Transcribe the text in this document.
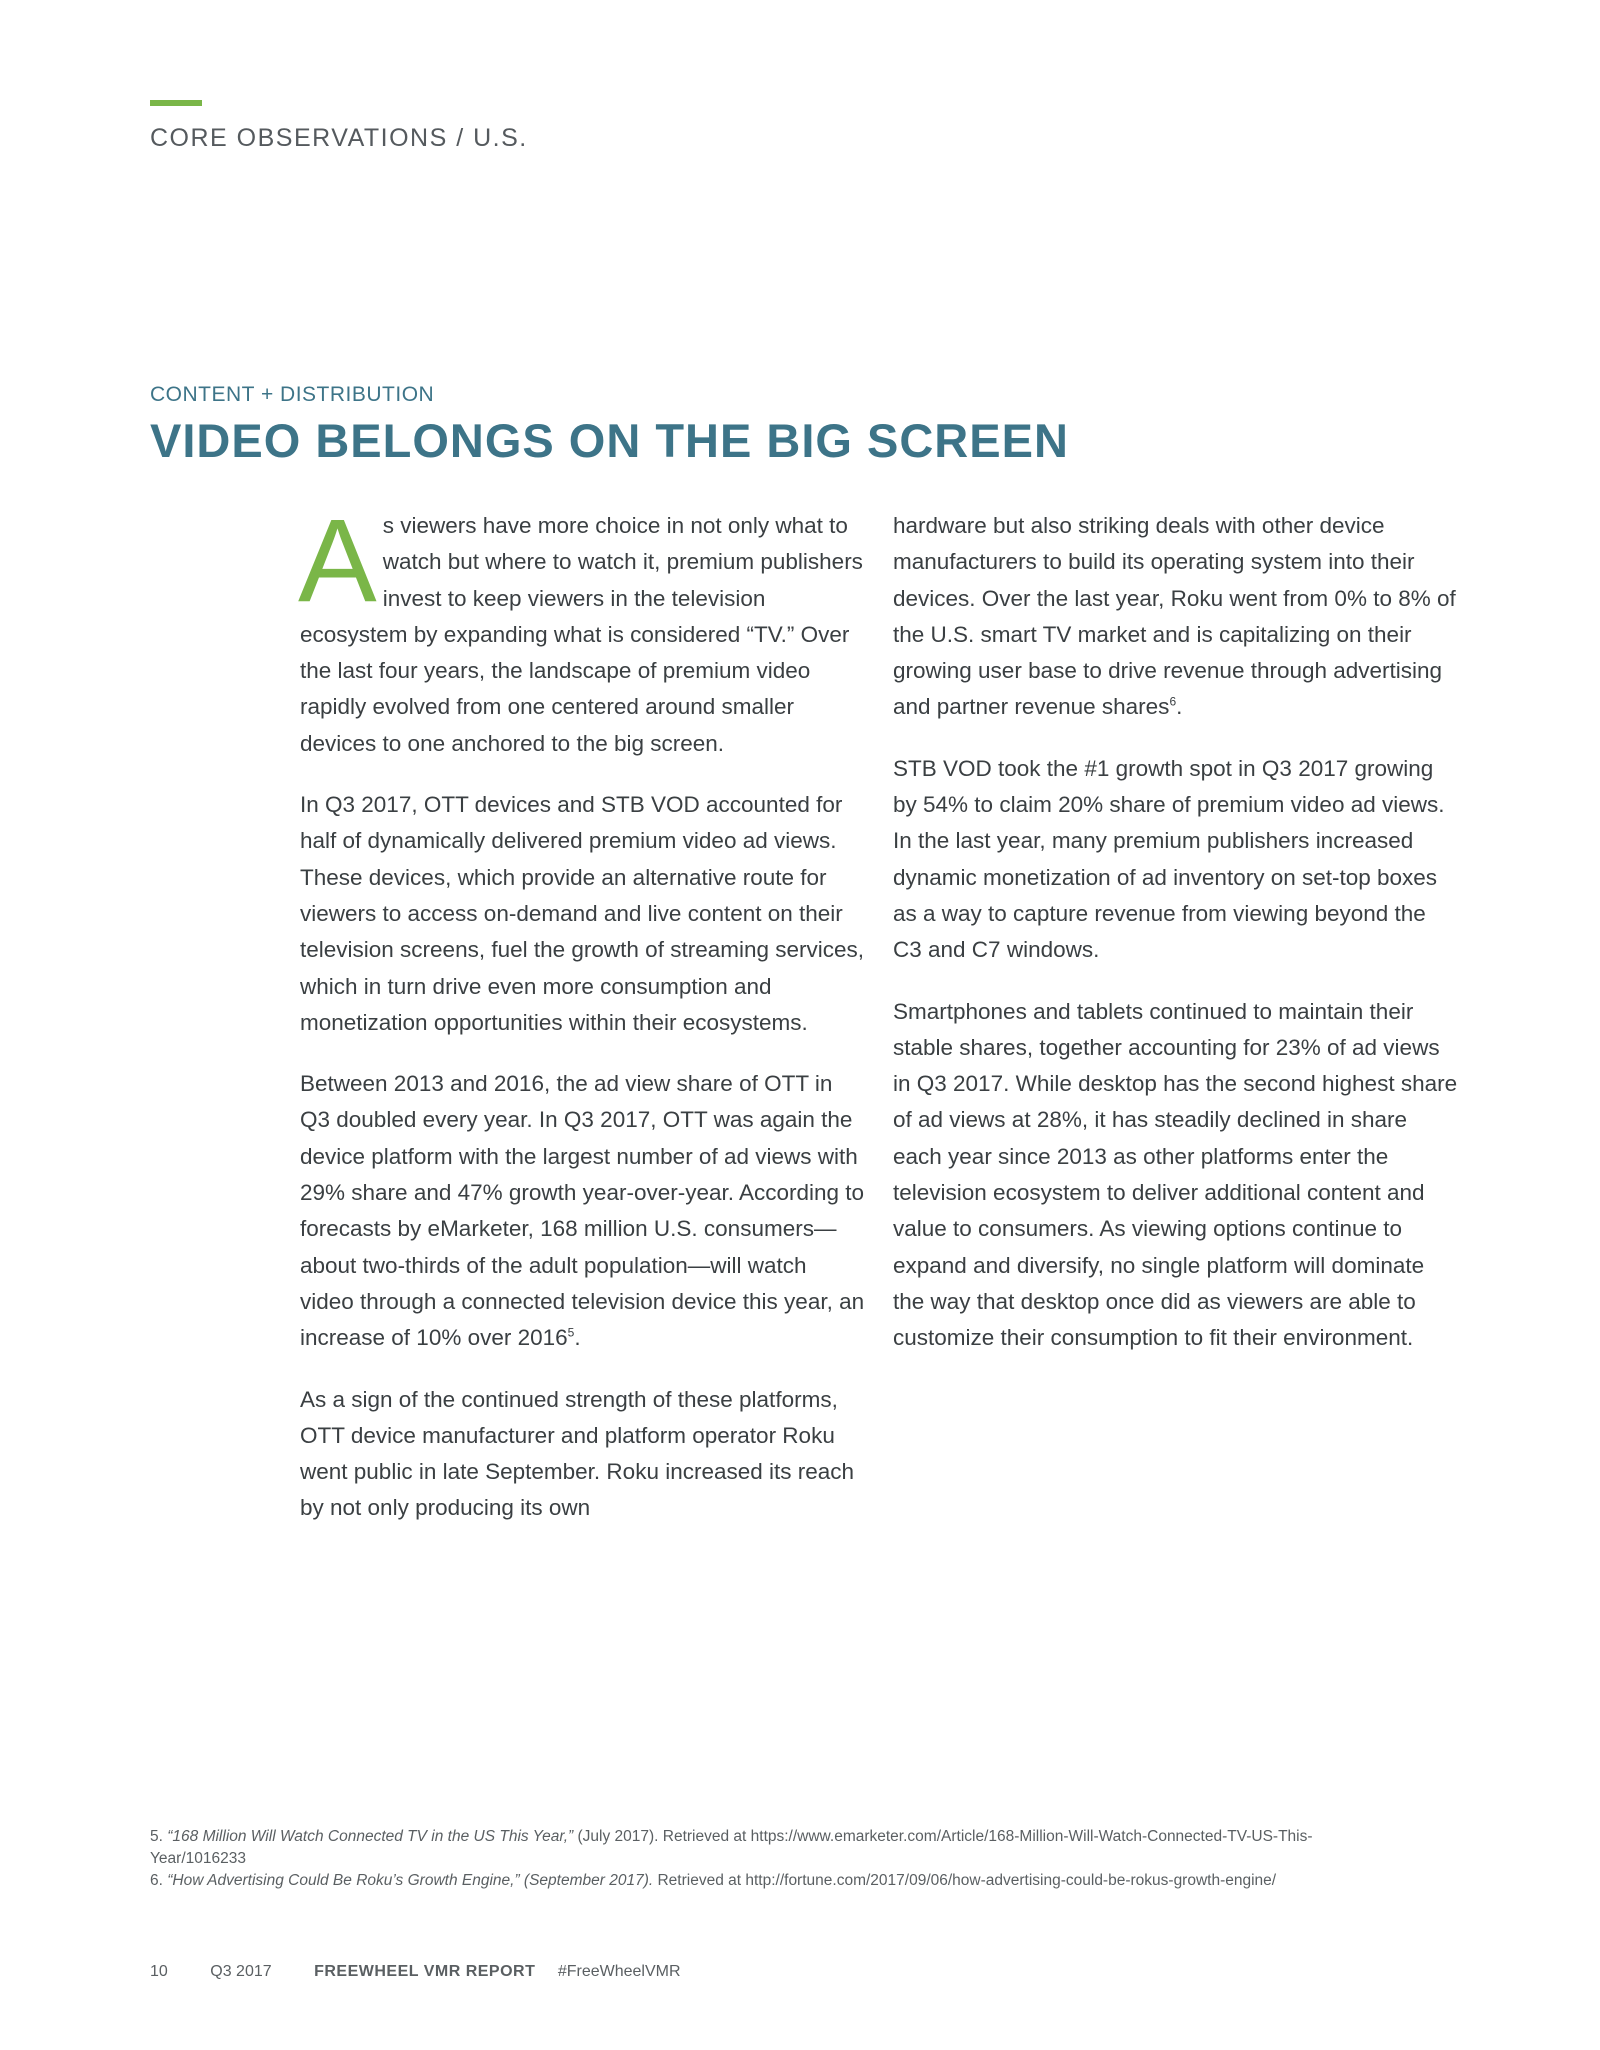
CORE OBSERVATIONS / U.S.
CONTENT + DISTRIBUTION
VIDEO BELONGS ON THE BIG SCREEN

As viewers have more choice in not only what to watch but where to watch it, premium publishers invest to keep viewers in the television ecosystem by expanding what is considered “TV.” Over the last four years, the landscape of premium video rapidly evolved from one centered around smaller devices to one anchored to the big screen.

In Q3 2017, OTT devices and STB VOD accounted for half of dynamically delivered premium video ad views. These devices, which provide an alternative route for viewers to access on-demand and live content on their television screens, fuel the growth of streaming services, which in turn drive even more consumption and monetization opportunities within their ecosystems.

Between 2013 and 2016, the ad view share of OTT in Q3 doubled every year. In Q3 2017, OTT was again the device platform with the largest number of ad views with 29% share and 47% growth year-over-year. According to forecasts by eMarketer, 168 million U.S. consumers—about two-thirds of the adult population—will watch video through a connected television device this year, an increase of 10% over 2016$^5$.

As a sign of the continued strength of these platforms, OTT device manufacturer and platform operator Roku went public in late September. Roku increased its reach by not only producing its own

hardware but also striking deals with other device manufacturers to build its operating system into their devices. Over the last year, Roku went from 0% to 8% of the U.S. smart TV market and is capitalizing on their growing user base to drive revenue through advertising and partner revenue shares$^6$.

STB VOD took the #1 growth spot in Q3 2017 growing by 54% to claim 20% share of premium video ad views. In the last year, many premium publishers increased dynamic monetization of ad inventory on set-top boxes as a way to capture revenue from viewing beyond the C3 and C7 windows.

Smartphones and tablets continued to maintain their stable shares, together accounting for 23% of ad views in Q3 2017. While desktop has the second highest share of ad views at 28%, it has steadily declined in share each year since 2013 as other platforms enter the television ecosystem to deliver additional content and value to consumers. As viewing options continue to expand and diversify, no single platform will dominate the way that desktop once did as viewers are able to customize their consumption to fit their environment.

5. “168 Million Will Watch Connected TV in the US This Year,” (July 2017). Retrieved at https://www.emarketer.com/Article/168-Million-Will-Watch-Connected-TV-US-This-Year/1016233

6. “How Advertising Could Be Roku’s Growth Engine,” (September 2017). Retrieved at http://fortune.com/2017/09/06/how-advertising-could-be-rokus-growth-engine/

10	Q3 2017	FREEWHEEL VMR REPORT #FreeWheelVMR
